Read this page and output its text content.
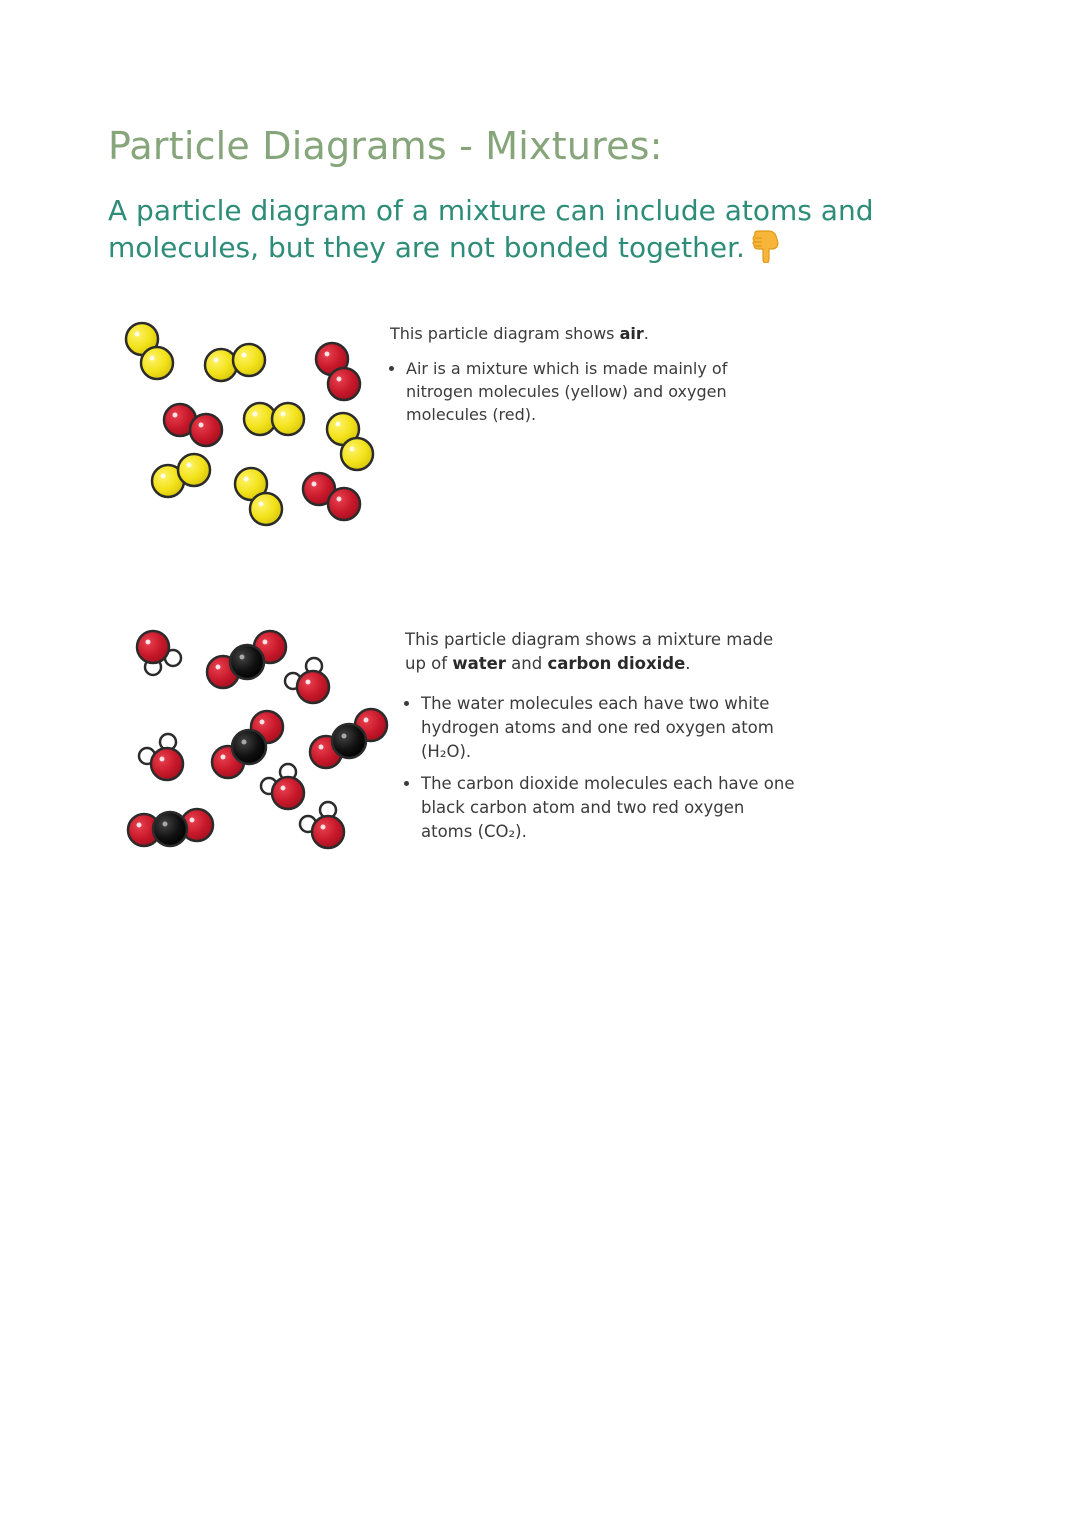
Particle Diagrams - Mixtures:

A particle diagram of a mixture can include atoms and molecules, but they are not bonded together.

This particle diagram shows air.

• Air is a mixture which is made mainly of nitrogen molecules (yellow) and oxygen molecules (red).

This particle diagram shows a mixture made up of water and carbon dioxide.

• The water molecules each have two white hydrogen atoms and one red oxygen atom (H₂O).
• The carbon dioxide molecules each have one black carbon atom and two red oxygen atoms (CO₂).
